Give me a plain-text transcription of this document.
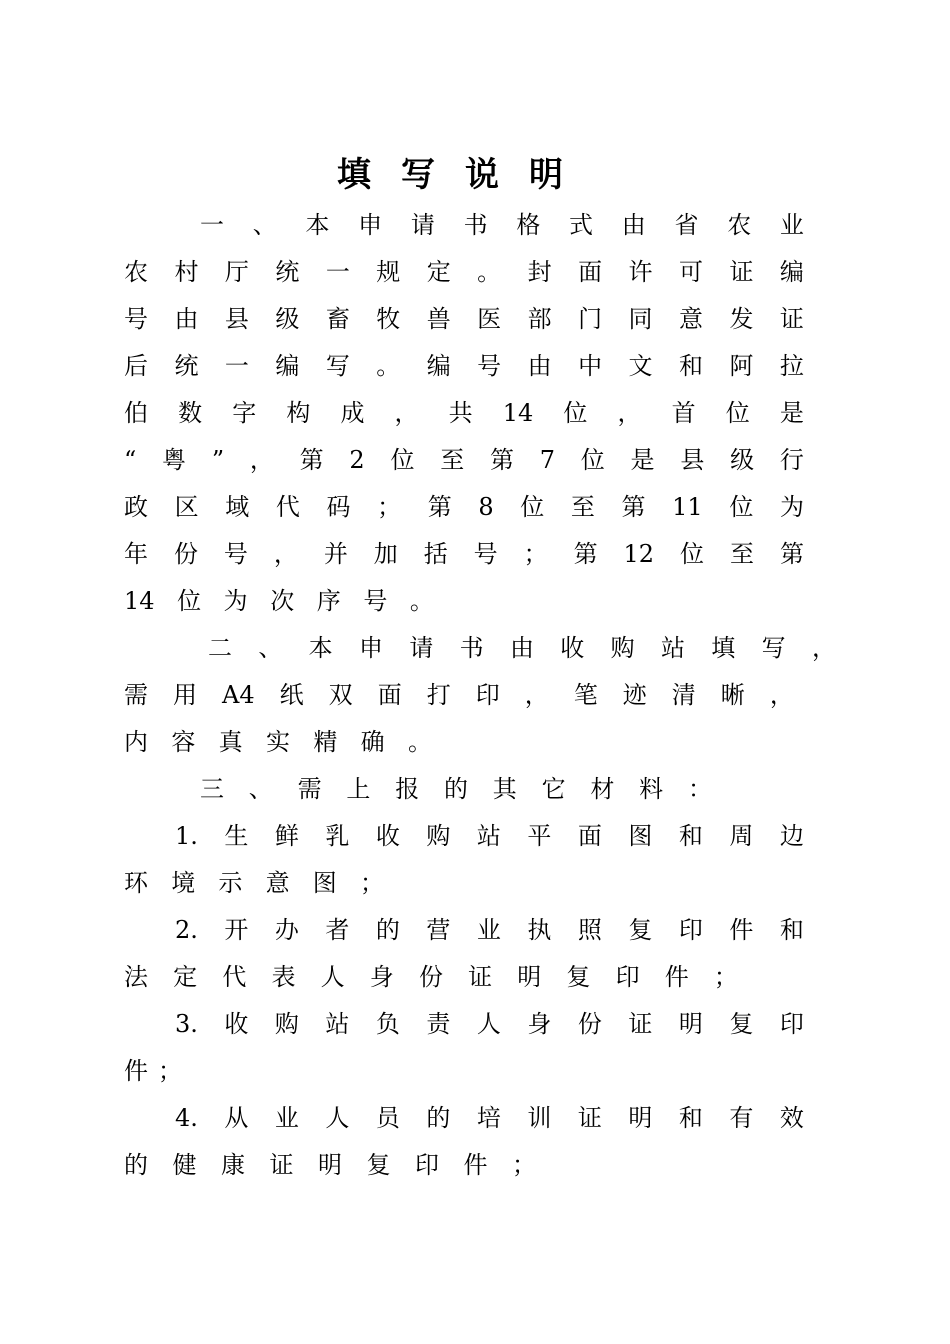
填写说明
一 、 本 申 请 书 格 式 由 省 农 业
农 村 厅 统 一 规 定 。 封 面 许 可 证 编
号 由 县 级 畜 牧 兽 医 部 门 同 意 发 证
后 统 一 编 写 。 编 号 由 中 文 和 阿 拉
伯 数 字 构 成 ， 共 14 位 ， 首 位 是
“ 粤 ” ， 第 2 位 至 第 7 位 是 县 级 行
政 区 域 代 码 ； 第 8 位 至 第 11 位 为
年 份 号 ， 并 加 括 号 ； 第 12 位 至 第
14 位 为 次 序 号 。
二 、 本 申 请 书 由 收 购 站 填 写 ，
需 用 A4 纸 双 面 打 印 ， 笔 迹 清 晰 ，
内 容 真 实 精 确 。
三 、 需 上 报 的 其 它 材 料 ：
1. 生 鲜 乳 收 购 站 平 面 图 和 周 边
环 境 示 意 图 ；
2. 开 办 者 的 营 业 执 照 复 印 件 和
法 定 代 表 人 身 份 证 明 复 印 件 ；
3. 收 购 站 负 责 人 身 份 证 明 复 印
件 ；
4. 从 业 人 员 的 培 训 证 明 和 有 效
的 健 康 证 明 复 印 件 ；
